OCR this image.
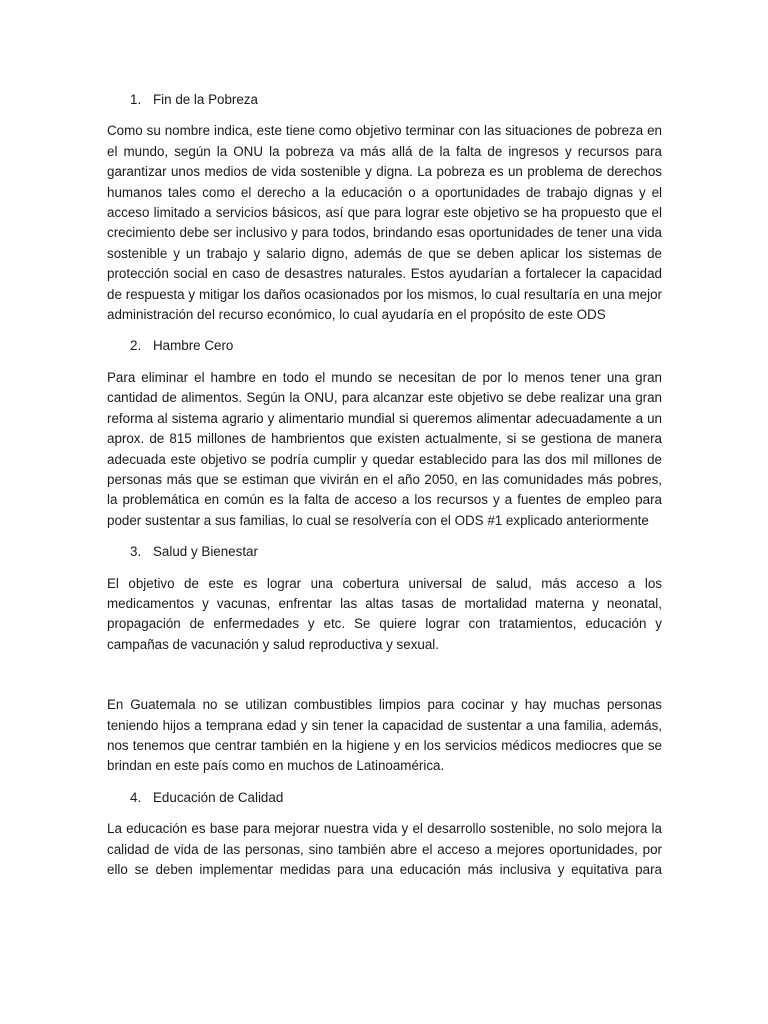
1. Fin de la Pobreza

Como su nombre indica, este tiene como objetivo terminar con las situaciones de pobreza en el mundo, según la ONU la pobreza va más allá de la falta de ingresos y recursos para garantizar unos medios de vida sostenible y digna. La pobreza es un problema de derechos humanos tales como el derecho a la educación o a oportunidades de trabajo dignas y el acceso limitado a servicios básicos, así que para lograr este objetivo se ha propuesto que el crecimiento debe ser inclusivo y para todos, brindando esas oportunidades de tener una vida sostenible y un trabajo y salario digno, además de que se deben aplicar los sistemas de protección social en caso de desastres naturales. Estos ayudarían a fortalecer la capacidad de respuesta y mitigar los daños ocasionados por los mismos, lo cual resultaría en una mejor administración del recurso económico, lo cual ayudaría en el propósito de este ODS

2. Hambre Cero

Para eliminar el hambre en todo el mundo se necesitan de por lo menos tener una gran cantidad de alimentos. Según la ONU, para alcanzar este objetivo se debe realizar una gran reforma al sistema agrario y alimentario mundial si queremos alimentar adecuadamente a un aprox. de 815 millones de hambrientos que existen actualmente, si se gestiona de manera adecuada este objetivo se podría cumplir y quedar establecido para las dos mil millones de personas más que se estiman que vivirán en el año 2050, en las comunidades más pobres, la problemática en común es la falta de acceso a los recursos y a fuentes de empleo para poder sustentar a sus familias, lo cual se resolvería con el ODS #1 explicado anteriormente

3. Salud y Bienestar

El objetivo de este es lograr una cobertura universal de salud, más acceso a los medicamentos y vacunas, enfrentar las altas tasas de mortalidad materna y neonatal, propagación de enfermedades y etc. Se quiere lograr con tratamientos, educación y campañas de vacunación y salud reproductiva y sexual.

En Guatemala no se utilizan combustibles limpios para cocinar y hay muchas personas teniendo hijos a temprana edad y sin tener la capacidad de sustentar a una familia, además, nos tenemos que centrar también en la higiene y en los servicios médicos mediocres que se brindan en este país como en muchos de Latinoamérica.

4. Educación de Calidad

La educación es base para mejorar nuestra vida y el desarrollo sostenible, no solo mejora la calidad de vida de las personas, sino también abre el acceso a mejores oportunidades, por ello se deben implementar medidas para una educación más inclusiva y equitativa para
